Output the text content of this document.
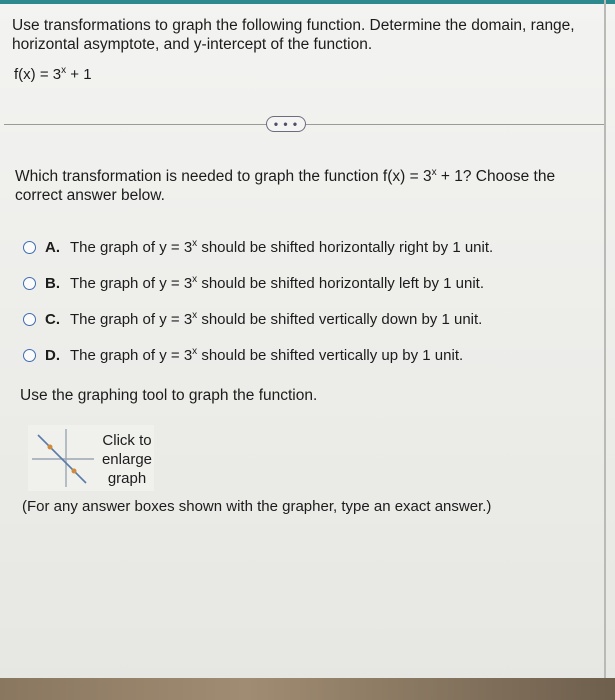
Use transformations to graph the following function. Determine the domain, range,

horizontal asymptote, and y-intercept of the function.

$f(x) = 3^x + 1$
• • •
Which transformation is needed to graph the function $f(x) = 3^x + 1$? Choose the
correct answer below.
A. The graph of $y = 3^x$ should be shifted horizontally right by 1 unit.
B. The graph of $y = 3^x$ should be shifted horizontally left by 1 unit.
C. The graph of $y = 3^x$ should be shifted vertically down by 1 unit.
D. The graph of $y = 3^x$ should be shifted vertically up by 1 unit.
Use the graphing tool to graph the function.
Click to
enlarge
graph
(For any answer boxes shown with the grapher, type an exact answer.)
